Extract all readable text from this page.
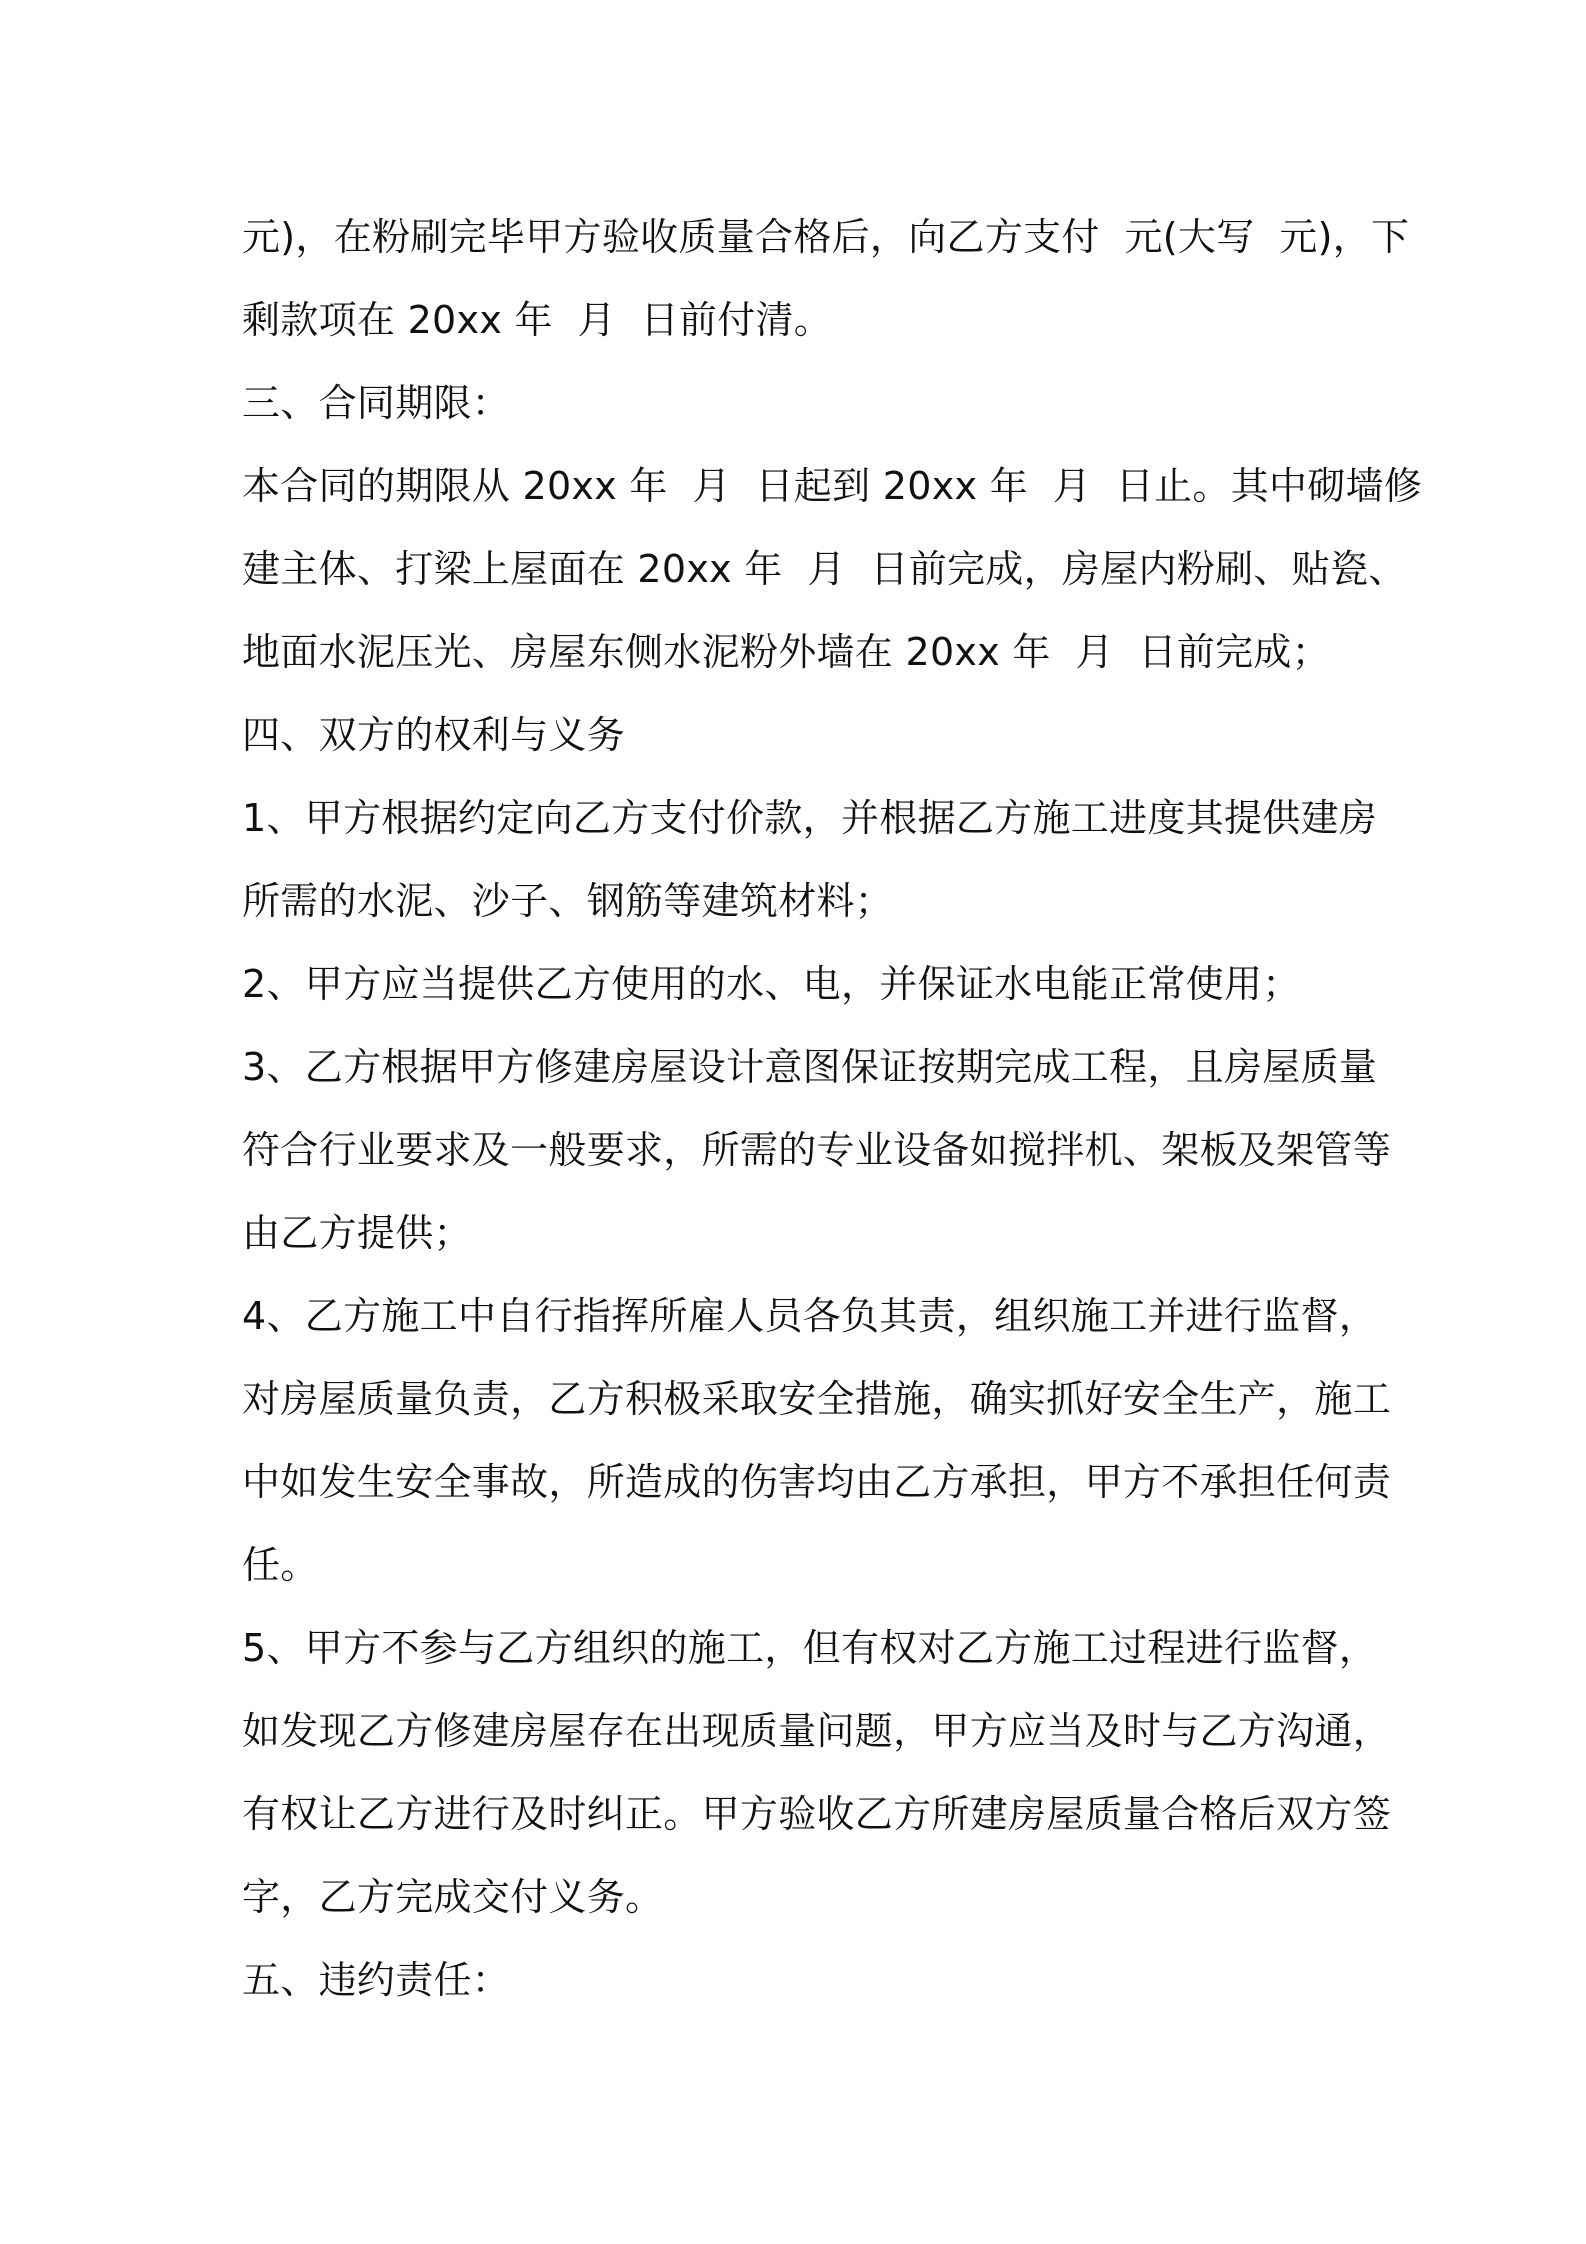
元)，在粉刷完毕甲方验收质量合格后，向乙方支付  元(大写  元)，下
剩款项在 20xx 年  月  日前付清。
三、合同期限：
本合同的期限从 20xx 年  月  日起到 20xx 年  月  日止。其中砌墙修
建主体、打梁上屋面在 20xx 年  月  日前完成，房屋内粉刷、贴瓷、
地面水泥压光、房屋东侧水泥粉外墙在 20xx 年  月  日前完成；
四、双方的权利与义务
1、甲方根据约定向乙方支付价款，并根据乙方施工进度其提供建房
所需的水泥、沙子、钢筋等建筑材料；
2、甲方应当提供乙方使用的水、电，并保证水电能正常使用；
3、乙方根据甲方修建房屋设计意图保证按期完成工程，且房屋质量
符合行业要求及一般要求，所需的专业设备如搅拌机、架板及架管等
由乙方提供；
4、乙方施工中自行指挥所雇人员各负其责，组织施工并进行监督，
对房屋质量负责，乙方积极采取安全措施，确实抓好安全生产，施工
中如发生安全事故，所造成的伤害均由乙方承担，甲方不承担任何责
任。
5、甲方不参与乙方组织的施工，但有权对乙方施工过程进行监督，
如发现乙方修建房屋存在出现质量问题，甲方应当及时与乙方沟通，
有权让乙方进行及时纠正。甲方验收乙方所建房屋质量合格后双方签
字，乙方完成交付义务。
五、违约责任：
